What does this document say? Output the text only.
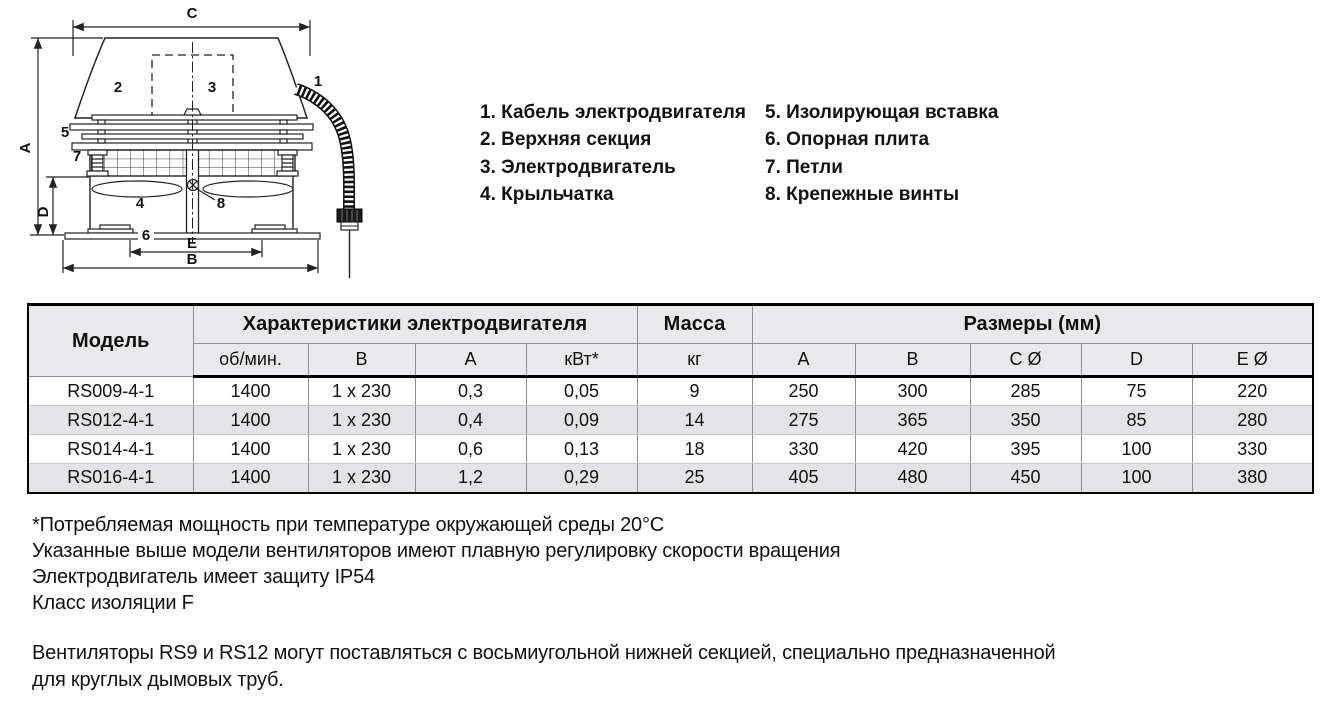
C
A
D
E
B
1
2	3
4
5
6
7
8
1. Кабель электродвигателя
2. Верхняя секция
3. Электродвигатель
4. Крыльчатка
5. Изолирующая вставка
6. Опорная плита
7. Петли
8. Крепежные винты
Модель	Характеристики электродвигателя				Масса	Размеры (мм)				
	об/мин.	В	А	кВт*	кг	A	B	C Ø	D	E Ø
RS009-4-1	1400	1 x 230	0,3	0,05	9	250	300	285	75	220
RS012-4-1	1400	1 x 230	0,4	0,09	14	275	365	350	85	280
RS014-4-1	1400	1 x 230	0,6	0,13	18	330	420	395	100	330
RS016-4-1	1400	1 x 230	1,2	0,29	25	405	480	450	100	380
*Потребляемая мощность при температуре окружающей среды 20°C
Указанные выше модели вентиляторов имеют плавную регулировку скорости вращения
Электродвигатель имеет защиту IP54
Класс изоляции F
Вентиляторы RS9 и RS12 могут поставляться с восьмиугольной нижней секцией, специально предназначенной
для круглых дымовых труб.
